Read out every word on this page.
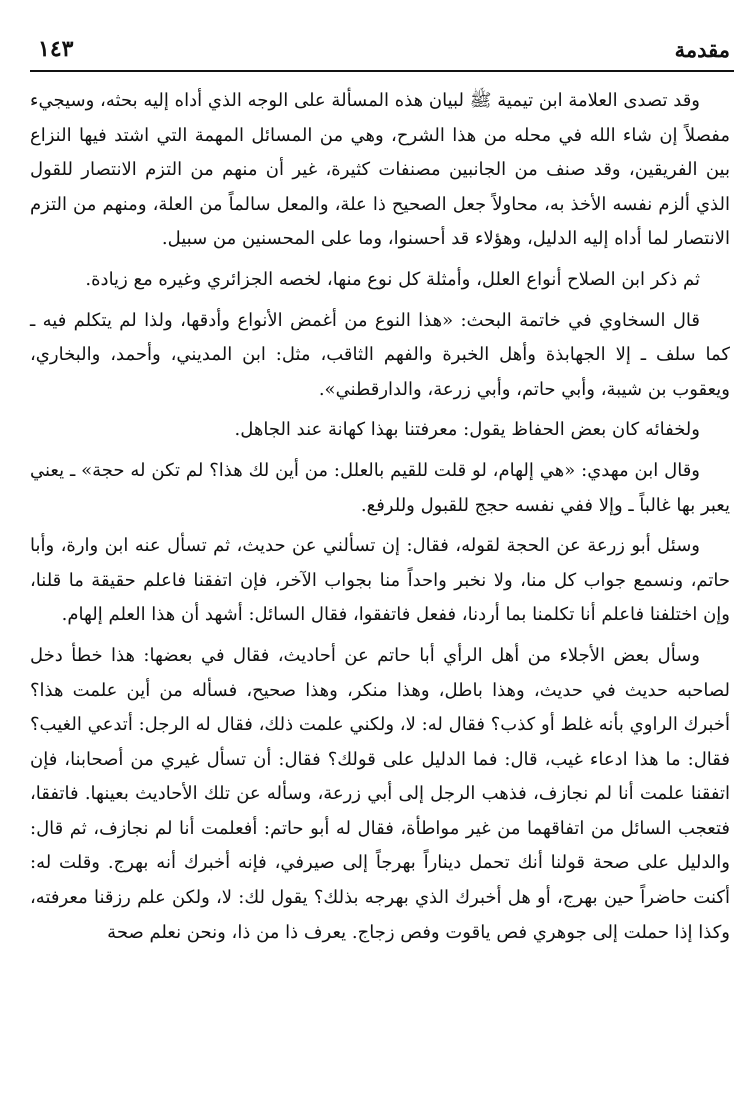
مقدمة
١٤٣

وقد تصدى العلامة ابن تيمية ﷺ لبيان هذه المسألة على الوجه الذي أداه إليه بحثه، وسيجيء مفصلاً إن شاء الله في محله من هذا الشرح، وهي من المسائل المهمة التي اشتد فيها النزاع بين الفريقين، وقد صنف من الجانبين مصنفات كثيرة، غير أن منهم من التزم الانتصار للقول الذي ألزم نفسه الأخذ به، محاولاً جعل الصحيح ذا علة، والمعل سالماً من العلة، ومنهم من التزم الانتصار لما أداه إليه الدليل، وهؤلاء قد أحسنوا، وما على المحسنين من سبيل.

ثم ذكر ابن الصلاح أنواع العلل، وأمثلة كل نوع منها، لخصه الجزائري وغيره مع زيادة.

قال السخاوي في خاتمة البحث: «هذا النوع من أغمض الأنواع وأدقها، ولذا لم يتكلم فيه ـ كما سلف ـ إلا الجهابذة وأهل الخبرة والفهم الثاقب، مثل: ابن المديني، وأحمد، والبخاري، ويعقوب بن شيبة، وأبي حاتم، وأبي زرعة، والدارقطني».

ولخفائه كان بعض الحفاظ يقول: معرفتنا بهذا كهانة عند الجاهل.

وقال ابن مهدي: «هي إلهام، لو قلت للقيم بالعلل: من أين لك هذا؟ لم تكن له حجة» ـ يعني يعبر بها غالباً ـ وإلا ففي نفسه حجج للقبول وللرفع.

وسئل أبو زرعة عن الحجة لقوله، فقال: إن تسألني عن حديث، ثم تسأل عنه ابن وارة، وأبا حاتم، ونسمع جواب كل منا، ولا نخبر واحداً منا بجواب الآخر، فإن اتفقنا فاعلم حقيقة ما قلنا، وإن اختلفنا فاعلم أنا تكلمنا بما أردنا، ففعل فاتفقوا، فقال السائل: أشهد أن هذا العلم إلهام.

وسأل بعض الأجلاء من أهل الرأي أبا حاتم عن أحاديث، فقال في بعضها: هذا خطأ دخل لصاحبه حديث في حديث، وهذا باطل، وهذا منكر، وهذا صحيح، فسأله من أين علمت هذا؟ أخبرك الراوي بأنه غلط أو كذب؟ فقال له: لا، ولكني علمت ذلك، فقال له الرجل: أتدعي الغيب؟ فقال: ما هذا ادعاء غيب، قال: فما الدليل على قولك؟ فقال: أن تسأل غيري من أصحابنا، فإن اتفقنا علمت أنا لم نجازف، فذهب الرجل إلى أبي زرعة، وسأله عن تلك الأحاديث بعينها. فاتفقا، فتعجب السائل من اتفاقهما من غير مواطأة، فقال له أبو حاتم: أفعلمت أنا لم نجازف، ثم قال: والدليل على صحة قولنا أنك تحمل ديناراً بهرجاً إلى صيرفي، فإنه أخبرك أنه بهرج. وقلت له: أكنت حاضراً حين بهرج، أو هل أخبرك الذي بهرجه بذلك؟ يقول لك: لا، ولكن علم رزقنا معرفته، وكذا إذا حملت إلى جوهري فص ياقوت وفص زجاج. يعرف ذا من ذا، ونحن نعلم صحة
